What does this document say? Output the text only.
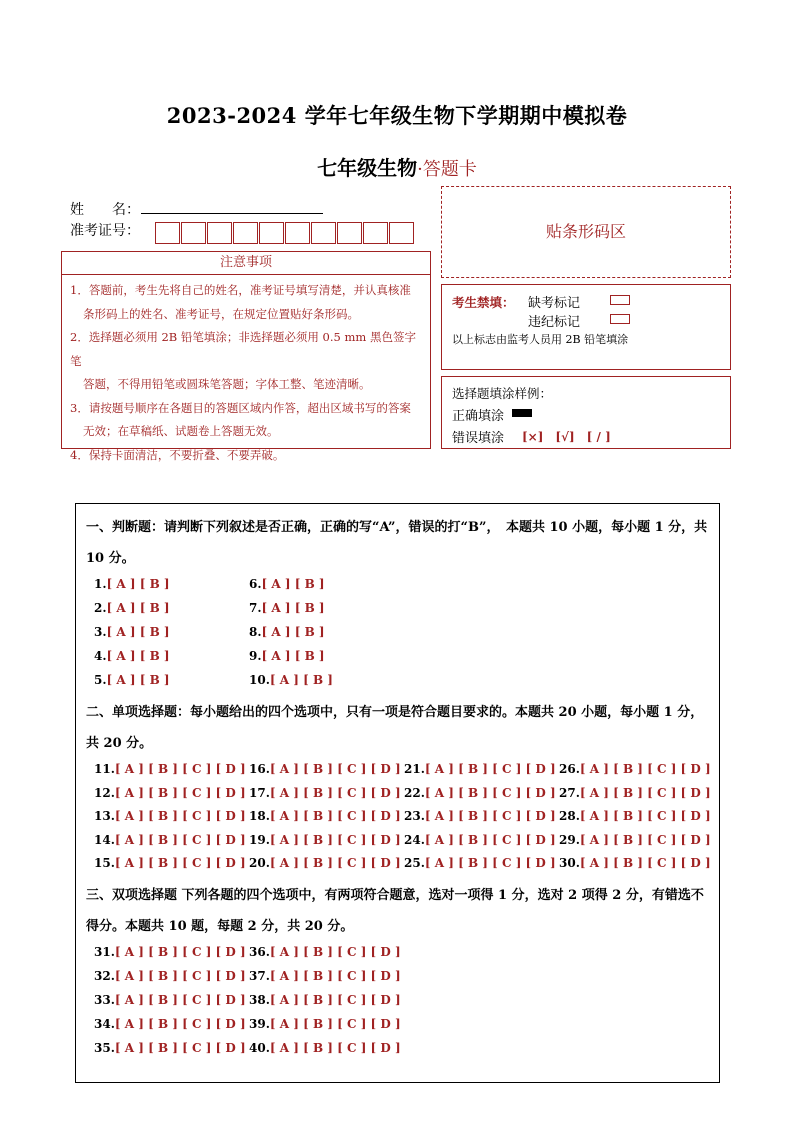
2023-2024 学年七年级生物下学期期中模拟卷
七年级生物·答题卡
姓　　名：
准考证号：
注意事项
1．答题前，考生先将自己的姓名，准考证号填写清楚，并认真核准
条形码上的姓名、准考证号，在规定位置贴好条形码。
2．选择题必须用 2B 铅笔填涂；非选择题必须用 0.5 mm 黑色签字笔
答题，不得用铅笔或圆珠笔答题；字体工整、笔迹清晰。
3．请按题号顺序在各题目的答题区域内作答，超出区域书写的答案
无效；在草稿纸、试题卷上答题无效。
4．保持卡面清洁，不要折叠、不要弄破。
贴条形码区
考生禁填： 缺考标记
违纪标记
以上标志由监考人员用 2B 铅笔填涂
选择题填涂样例：
正确填涂
错误填涂 [×]　[√]　[ / ]
一、判断题：请判断下列叙述是否正确，正确的写“A”，错误的打“B”，　本题共 10 小题，每小题 1 分，共 10 分。
1.[ A ] [ B ]
2.[ A ] [ B ]
3.[ A ] [ B ]
4.[ A ] [ B ]
5.[ A ] [ B ]
6.[ A ] [ B ]
7.[ A ] [ B ]
8.[ A ] [ B ]
9.[ A ] [ B ]
10.[ A ] [ B ]
二、单项选择题：每小题给出的四个选项中，只有一项是符合题目要求的。本题共 20 小题，每小题 1 分，共 20 分。
11.[ A ] [ B ] [ C ] [ D ]
12.[ A ] [ B ] [ C ] [ D ]
13.[ A ] [ B ] [ C ] [ D ]
14.[ A ] [ B ] [ C ] [ D ]
15.[ A ] [ B ] [ C ] [ D ]
16.[ A ] [ B ] [ C ] [ D ]
17.[ A ] [ B ] [ C ] [ D ]
18.[ A ] [ B ] [ C ] [ D ]
19.[ A ] [ B ] [ C ] [ D ]
20.[ A ] [ B ] [ C ] [ D ]
21.[ A ] [ B ] [ C ] [ D ]
22.[ A ] [ B ] [ C ] [ D ]
23.[ A ] [ B ] [ C ] [ D ]
24.[ A ] [ B ] [ C ] [ D ]
25.[ A ] [ B ] [ C ] [ D ]
26.[ A ] [ B ] [ C ] [ D ]
27.[ A ] [ B ] [ C ] [ D ]
28.[ A ] [ B ] [ C ] [ D ]
29.[ A ] [ B ] [ C ] [ D ]
30.[ A ] [ B ] [ C ] [ D ]
三、双项选择题 下列各题的四个选项中，有两项符合题意，选对一项得 1 分，选对 2 项得 2 分，有错选不得分。本题共 10 题，每题 2 分，共 20 分。
31.[ A ] [ B ] [ C ] [ D ]
32.[ A ] [ B ] [ C ] [ D ]
33.[ A ] [ B ] [ C ] [ D ]
34.[ A ] [ B ] [ C ] [ D ]
35.[ A ] [ B ] [ C ] [ D ]
36.[ A ] [ B ] [ C ] [ D ]
37.[ A ] [ B ] [ C ] [ D ]
38.[ A ] [ B ] [ C ] [ D ]
39.[ A ] [ B ] [ C ] [ D ]
40.[ A ] [ B ] [ C ] [ D ]
